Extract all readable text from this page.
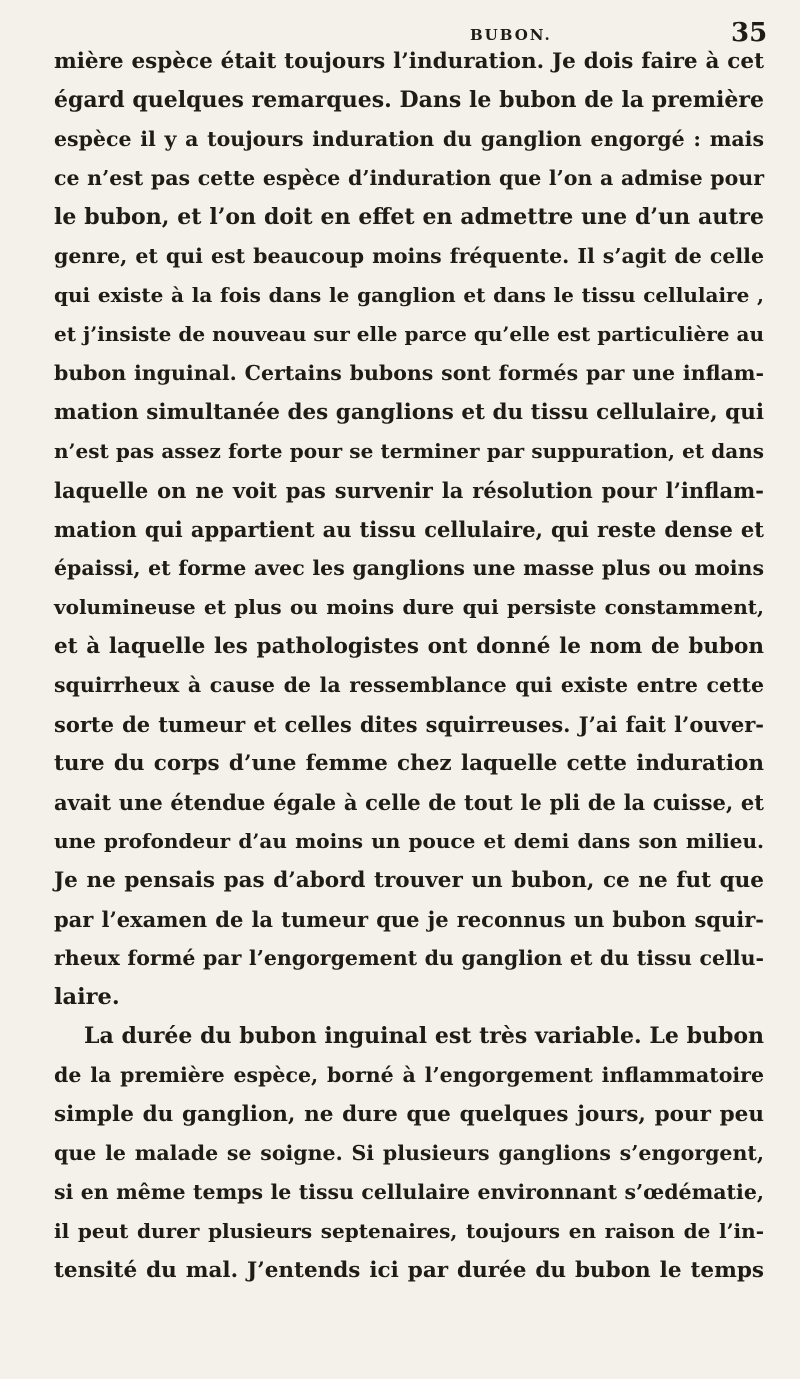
BUBON.	35
mière espèce était toujours l’induration. Je dois faire à cet
égard quelques remarques. Dans le bubon de la première
espèce il y a toujours induration du ganglion engorgé : mais
ce n’est pas cette espèce d’induration que l’on a admise pour
le bubon, et l’on doit en effet en admettre une d’un autre
genre, et qui est beaucoup moins fréquente. Il s’agit de celle
qui existe à la fois dans le ganglion et dans le tissu cellulaire ,
et j’insiste de nouveau sur elle parce qu’elle est particulière au
bubon inguinal. Certains bubons sont formés par une inflam-
mation simultanée des ganglions et du tissu cellulaire, qui
n’est pas assez forte pour se terminer par suppuration, et dans
laquelle on ne voit pas survenir la résolution pour l’inflam-
mation qui appartient au tissu cellulaire, qui reste dense et
épaissi, et forme avec les ganglions une masse plus ou moins
volumineuse et plus ou moins dure qui persiste constamment,
et à laquelle les pathologistes ont donné le nom de bubon
squirrheux à cause de la ressemblance qui existe entre cette
sorte de tumeur et celles dites squirreuses. J’ai fait l’ouver-
ture du corps d’une femme chez laquelle cette induration
avait une étendue égale à celle de tout le pli de la cuisse, et
une profondeur d’au moins un pouce et demi dans son milieu.
Je ne pensais pas d’abord trouver un bubon, ce ne fut que
par l’examen de la tumeur que je reconnus un bubon squir-
rheux formé par l’engorgement du ganglion et du tissu cellu-
laire.
La durée du bubon inguinal est très variable. Le bubon
de la première espèce, borné à l’engorgement inflammatoire
simple du ganglion, ne dure que quelques jours, pour peu
que le malade se soigne. Si plusieurs ganglions s’engorgent,
si en même temps le tissu cellulaire environnant s’œdématie,
il peut durer plusieurs septenaires, toujours en raison de l’in-
tensité du mal. J’entends ici par durée du bubon le temps
